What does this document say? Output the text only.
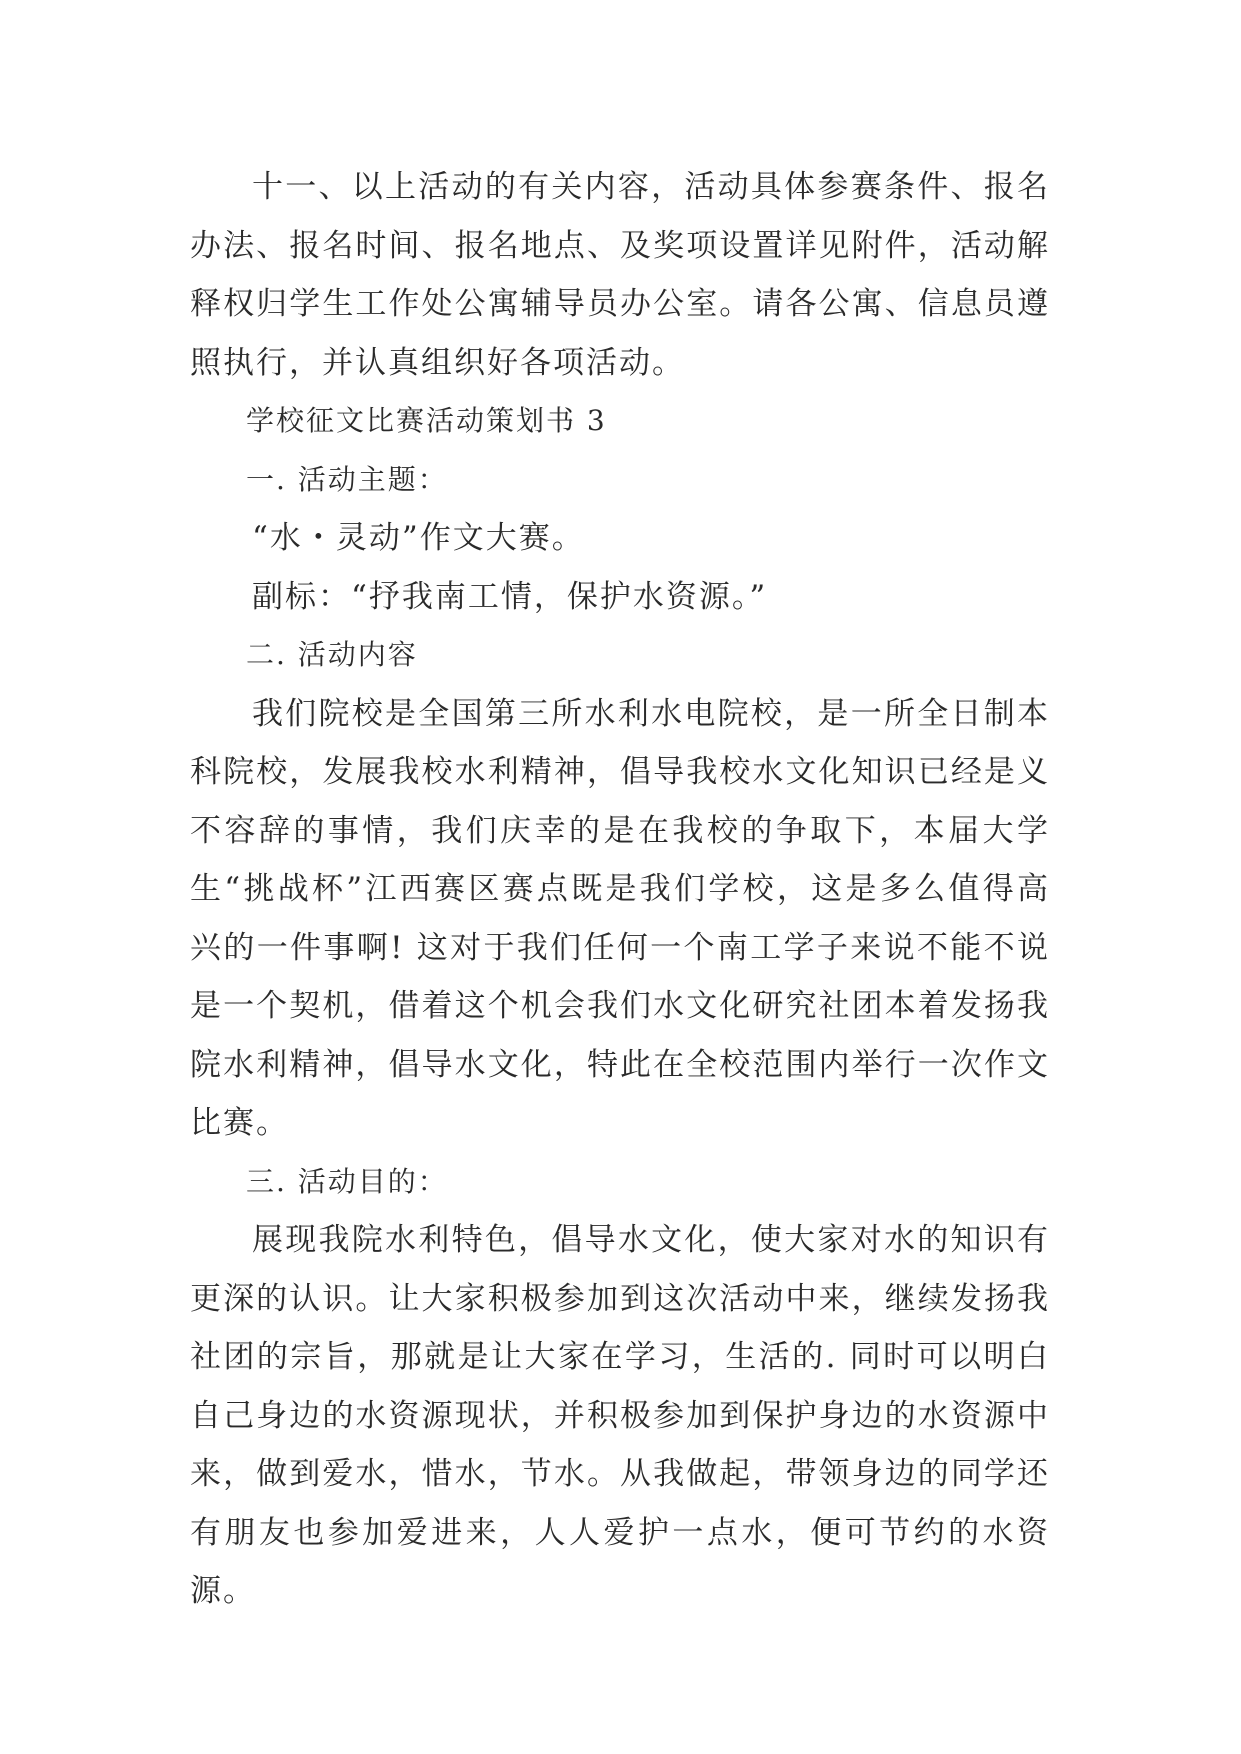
十一、以上活动的有关内容，活动具体参赛条件、报名办法、报名时间、报名地点、及奖项设置详见附件，活动解释权归学生工作处公寓辅导员办公室。请各公寓、信息员遵照执行，并认真组织好各项活动。

学校征文比赛活动策划书 3

一. 活动主题：

“水・灵动”作文大赛。

副标：“抒我南工情，保护水资源。”

二. 活动内容

我们院校是全国第三所水利水电院校，是一所全日制本科院校，发展我校水利精神，倡导我校水文化知识已经是义不容辞的事情，我们庆幸的是在我校的争取下，本届大学生“挑战杯”江西赛区赛点既是我们学校，这是多么值得高兴的一件事啊! 这对于我们任何一个南工学子来说不能不说是一个契机，借着这个机会我们水文化研究社团本着发扬我院水利精神，倡导水文化，特此在全校范围内举行一次作文比赛。

三. 活动目的：

展现我院水利特色，倡导水文化，使大家对水的知识有更深的认识。让大家积极参加到这次活动中来，继续发扬我社团的宗旨，那就是让大家在学习，生活的. 同时可以明白自己身边的水资源现状，并积极参加到保护身边的水资源中来，做到爱水，惜水，节水。从我做起，带领身边的同学还有朋友也参加爱进来，人人爱护一点水，便可节约的水资源。
